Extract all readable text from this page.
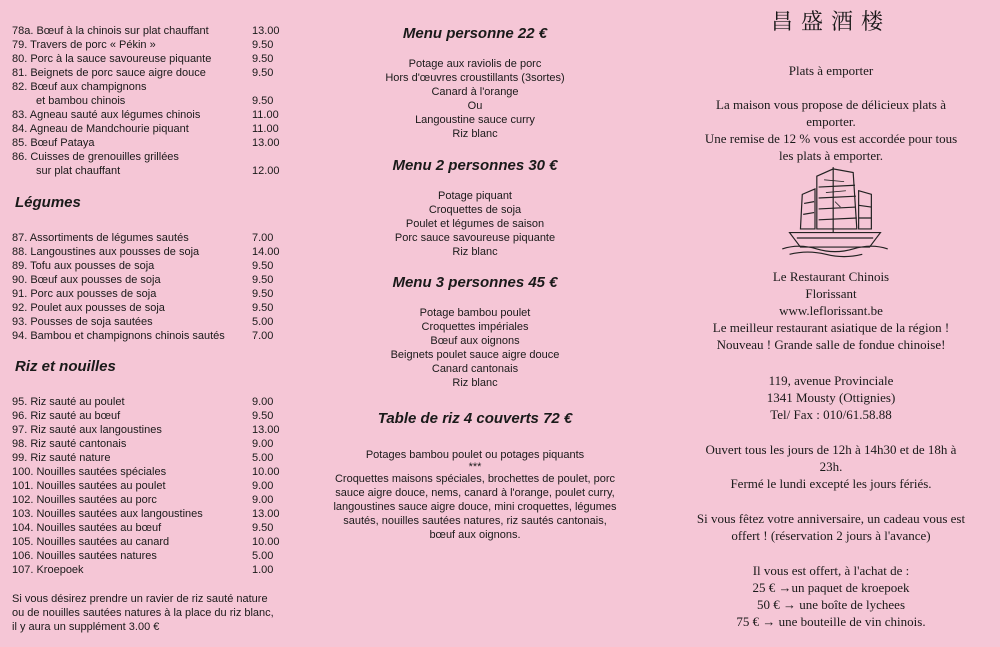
78a. Bœuf à la chinois sur plat chauffant	13.00
79. Travers de porc « Pékin »	9.50
80. Porc à la sauce savoureuse piquante	9.50
81. Beignets de porc sauce aigre douce	9.50
82. Bœuf aux champignons
et bambou chinois	9.50
83. Agneau sauté aux légumes chinois	11.00
84. Agneau de Mandchourie piquant	11.00
85. Bœuf Pataya	13.00
86. Cuisses de grenouilles grillées
sur plat chauffant	12.00
Légumes
87. Assortiments de légumes sautés	7.00
88. Langoustines aux pousses de soja	14.00
89. Tofu aux pousses de soja	9.50
90. Bœuf aux pousses de soja	9.50
91. Porc aux pousses de soja	9.50
92. Poulet aux pousses de soja	9.50
93. Pousses de soja sautées	5.00
94. Bambou et champignons chinois sautés	7.00
Riz et nouilles
95. Riz sauté au poulet	9.00
96. Riz sauté au bœuf	9.50
97. Riz sauté aux langoustines	13.00
98. Riz sauté cantonais	9.00
99. Riz sauté nature	5.00
100. Nouilles sautées spéciales	10.00
101. Nouilles sautées au poulet	9.00
102. Nouilles sautées au porc	9.00
103. Nouilles sautées aux langoustines	13.00
104. Nouilles sautées au bœuf	9.50
105. Nouilles sautées au canard	10.00
106. Nouilles sautées natures	5.00
107. Kroepoek	1.00
Si vous désirez prendre un ravier de riz sauté nature
ou de nouilles sautées natures à la place du riz blanc,
il y aura un supplément 3.00 €
Menu personne 22 €
Potage aux raviolis de porc
Hors d'œuvres croustillants (3sortes)
Canard à l'orange
Ou
Langoustine sauce curry
Riz blanc
Menu 2 personnes 30 €
Potage piquant
Croquettes de soja
Poulet et légumes de saison
Porc sauce savoureuse piquante
Riz blanc
Menu 3 personnes 45 €
Potage bambou poulet
Croquettes impériales
Bœuf aux oignons
Beignets poulet sauce aigre douce
Canard cantonais
Riz blanc
Table de riz 4 couverts 72 €
Potages bambou poulet ou potages piquants
***
Croquettes maisons spéciales, brochettes de poulet, porc
sauce aigre douce, nems, canard à l'orange, poulet curry,
langoustines sauce aigre douce, mini croquettes, légumes
sautés, nouilles sautées natures, riz sautés cantonais,
bœuf aux oignons.
昌盛酒楼
Plats à emporter
La maison vous propose de délicieux plats à
emporter.
Une remise de 12 % vous est accordée pour tous
les plats à emporter.
Le Restaurant Chinois
Florissant
www.leflorissant.be
Le meilleur restaurant asiatique de la région !
Nouveau ! Grande salle de fondue chinoise!
119, avenue Provinciale
1341 Mousty (Ottignies)
Tel/ Fax : 010/61.58.88
Ouvert tous les jours de 12h à 14h30 et de 18h à
23h.
Fermé le lundi excepté les jours fériés.
Si vous fêtez votre anniversaire, un cadeau vous est
offert ! (réservation 2 jours à l'avance)
Il vous est offert, à l'achat de :
25 € →un paquet de kroepoek
50 € → une boîte de lychees
75 € → une bouteille de vin chinois.
